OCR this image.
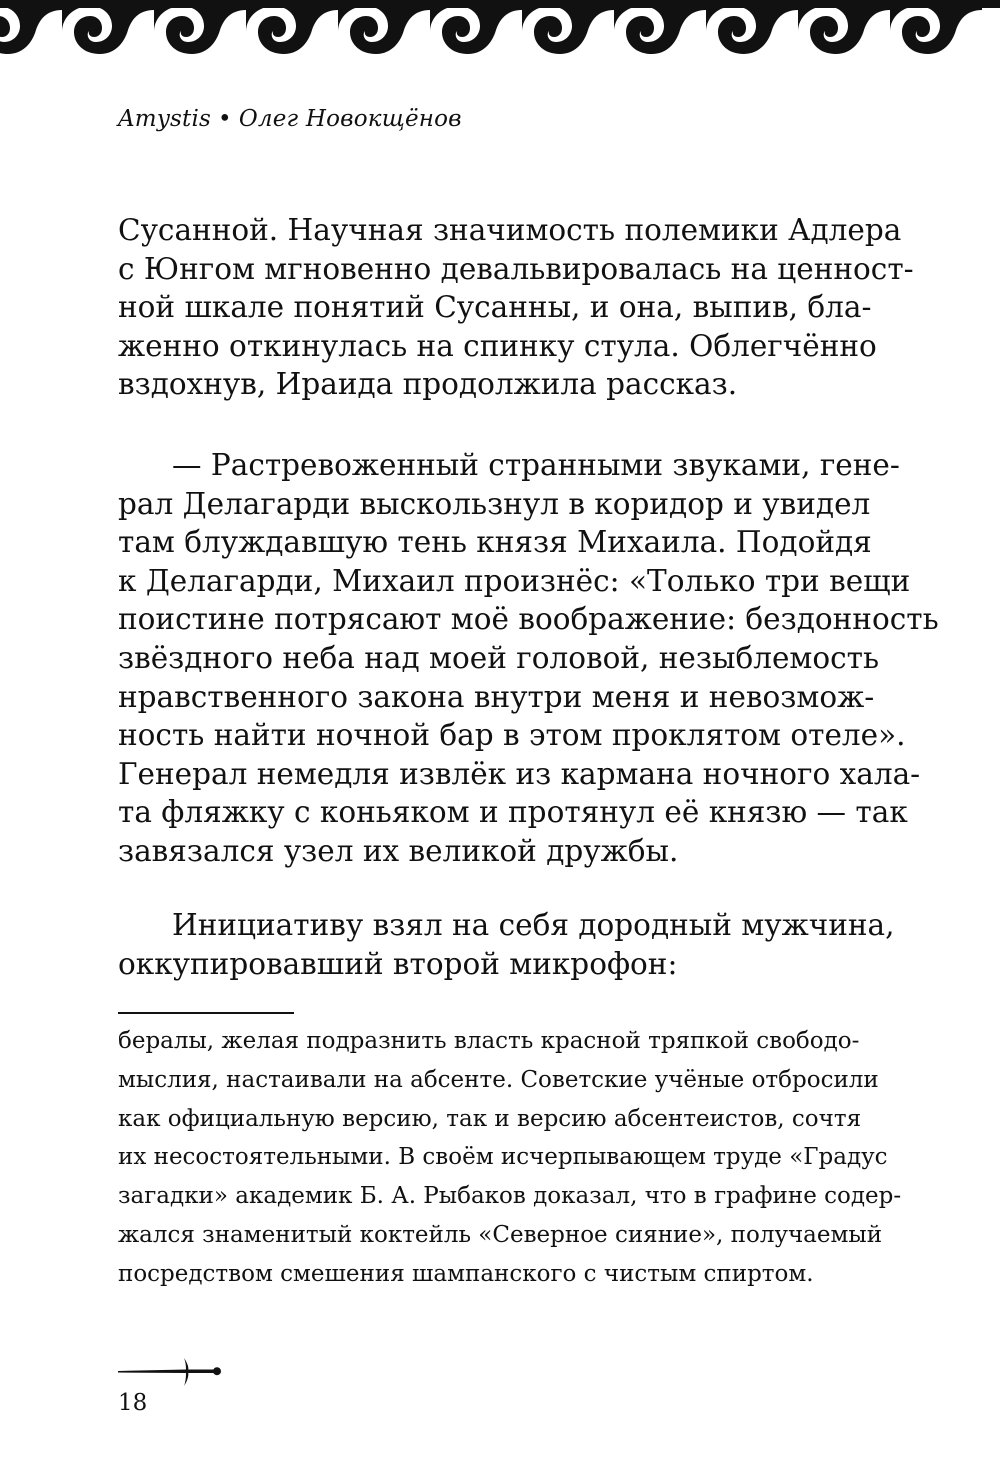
Amystis • Олег Новокщёнов

Сусанной. Научная значимость полемики Адлера

с Юнгом мгновенно девальвировалась на ценност-

ной шкале понятий Сусанны, и она, выпив, бла-

женно откинулась на спинку стула. Облегчённо

вздохнув, Ираида продолжила рассказ.

— Растревоженный странными звуками, гене-

рал Делагарди выскользнул в коридор и увидел

там блуждавшую тень князя Михаила. Подойдя

к Делагарди, Михаил произнёс: «Только три вещи

поистине потрясают моё воображение: бездонность

звёздного неба над моей головой, незыблемость

нравственного закона внутри меня и невозмож-

ность найти ночной бар в этом проклятом отеле».

Генерал немедля извлёк из кармана ночного хала-

та фляжку с коньяком и протянул её князю — так

завязался узел их великой дружбы.

Инициативу взял на себя дородный мужчина,

оккупировавший второй микрофон:

берaлы, желая подразнить власть красной тряпкой свободо-

мыслия, настаивали на абсенте. Советские учёные отбросили

как официальную версию, так и версию абсентеистов, сочтя

их несостоятельными. В своём исчерпывающем труде «Градус

загадки» академик Б. А. Рыбаков доказал, что в графине содер-

жался знаменитый коктейль «Северное сияние», получаемый

посредством смешения шампанского с чистым спиртом.

18
